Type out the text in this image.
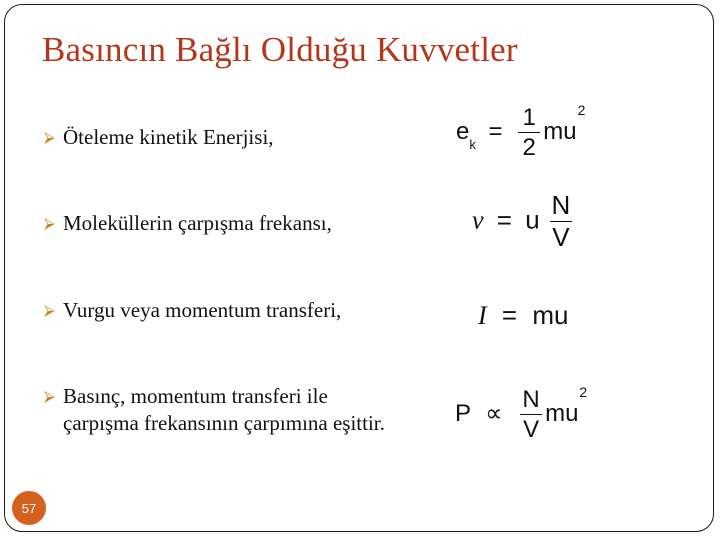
Basıncın Bağlı Olduğu Kuvvetler
⮚ Öteleme kinetik Enerjisi,
⮚ Moleküllerin çarpışma frekansı,
⮚ Vurgu veya momentum transferi,
⮚ Basınç, momentum transferi ile
çarpışma frekansının çarpımına eşittir.
$e_k = \frac{1}{2} mu^2$
v = u $\frac{N}{V}$
I = mu
$P \propto \frac{N}{V} mu^2$
57
